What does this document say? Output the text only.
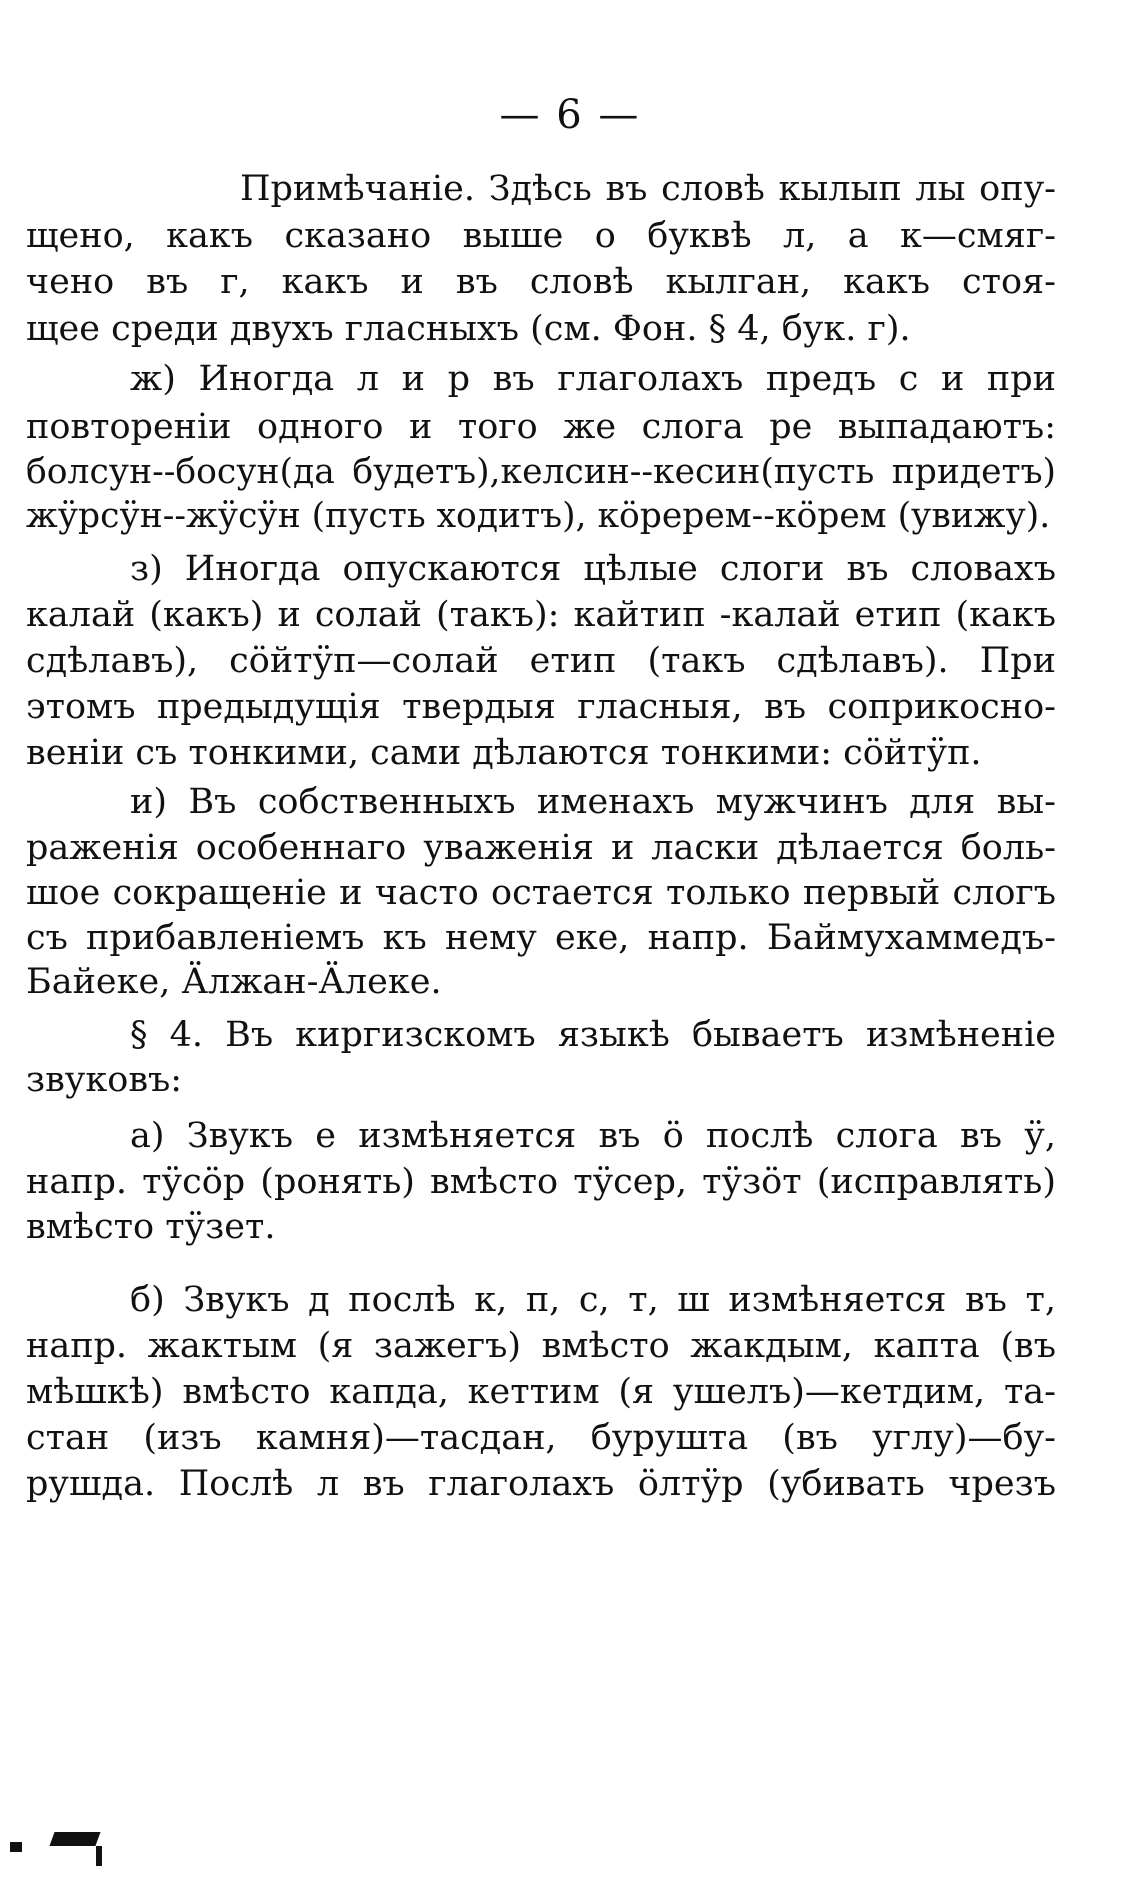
— 6 —
Примѣчаніе. Здѣсь въ словѣ кылып лы опу-
щено, какъ сказано выше о буквѣ л, а к—смяг-
чено въ г, какъ и въ словѣ кылган, какъ стоя-
щее среди двухъ гласныхъ (см. Фон. § 4, бук. г).
ж) Иногда л и р въ глаголахъ предъ с и при
повтореніи одного и того же слога ре выпадаютъ:
болсун--босун(да будетъ),келсин--кесин(пусть придетъ)
жӱрсӱн--жӱсӱн (пусть ходитъ), кӧререм--кӧрем (увижу).
з) Иногда опускаются цѣлые слоги въ словахъ
калай (какъ) и солай (такъ): кайтип -калай етип (какъ
сдѣлавъ), сӧйтӱп—солай етип (такъ сдѣлавъ). При
этомъ предыдущія твердыя гласныя, въ соприкосно-
веніи съ тонкими, сами дѣлаются тонкими: сӧйтӱп.
и) Въ собственныхъ именахъ мужчинъ для вы-
раженія особеннаго уваженія и ласки дѣлается боль-
шое сокращеніе и часто остается только первый слогъ
съ прибавленіемъ къ нему еке, напр. Баймухаммедъ-
Байеке, Ӓлжан-Ӓлеке.
§ 4. Въ киргизскомъ языкѣ бываетъ измѣненіе
звуковъ:
а) Звукъ е измѣняется въ ӧ послѣ слога въ ӱ,
напр. тӱсӧр (ронять) вмѣсто тӱсер, тӱзӧт (исправлять)
вмѣсто тӱзет.
б) Звукъ д послѣ к, п, с, т, ш измѣняется въ т,
напр. жактым (я зажегъ) вмѣсто жакдым, капта (въ
мѣшкѣ) вмѣсто капда, кеттим (я ушелъ)—кетдим, та-
стан (изъ камня)—тасдан, бурушта (въ углу)—бу-
рушда. Послѣ л въ глаголахъ ӧлтӱр (убивать чрезъ
